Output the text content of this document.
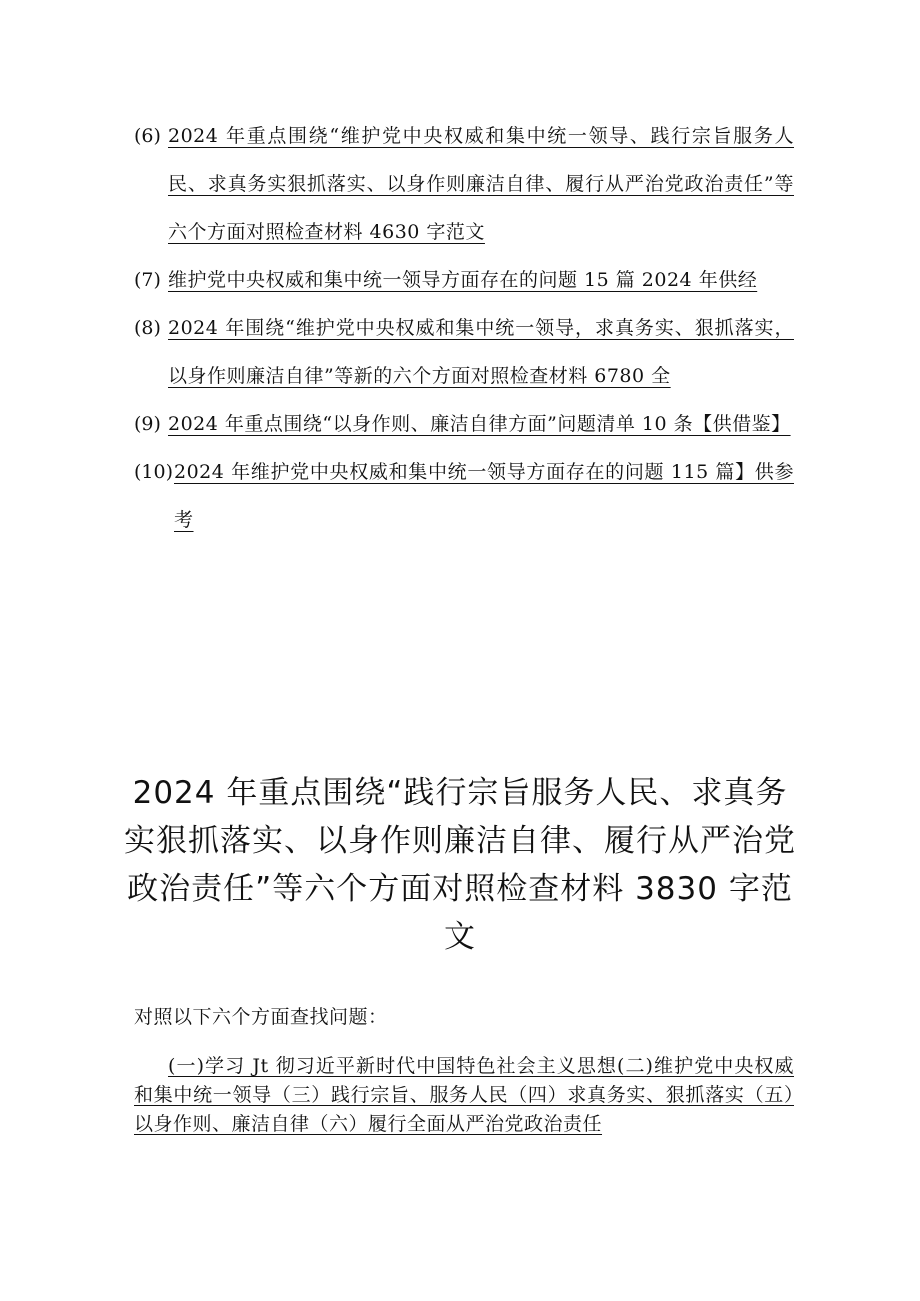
(6) 2024 年重点围绕“维护党中央权威和集中统一领导、践行宗旨服务人民、求真务实狠抓落实、以身作则廉洁自律、履行从严治党政治责任”等六个方面对照检查材料 4630 字范文
(7) 维护党中央权威和集中统一领导方面存在的问题 15 篇 2024 年供经
(8) 2024 年围绕“维护党中央权威和集中统一领导，求真务实、狠抓落实，以身作则廉洁自律”等新的六个方面对照检查材料 6780 全
(9) 2024 年重点围绕“以身作则、廉洁自律方面”问题清单 10 条【供借鉴】
(10) 2024 年维护党中央权威和集中统一领导方面存在的问题 115 篇】供参考
2024 年重点围绕“践行宗旨服务人民、求真务实狠抓落实、以身作则廉洁自律、履行从严治党政治责任”等六个方面对照检查材料 3830 字范文
对照以下六个方面查找问题：
(一)学习 Jt 彻习近平新时代中国特色社会主义思想(二)维护党中央权威和集中统一领导（三）践行宗旨、服务人民（四）求真务实、狠抓落实（五）以身作则、廉洁自律（六）履行全面从严治党政治责任
